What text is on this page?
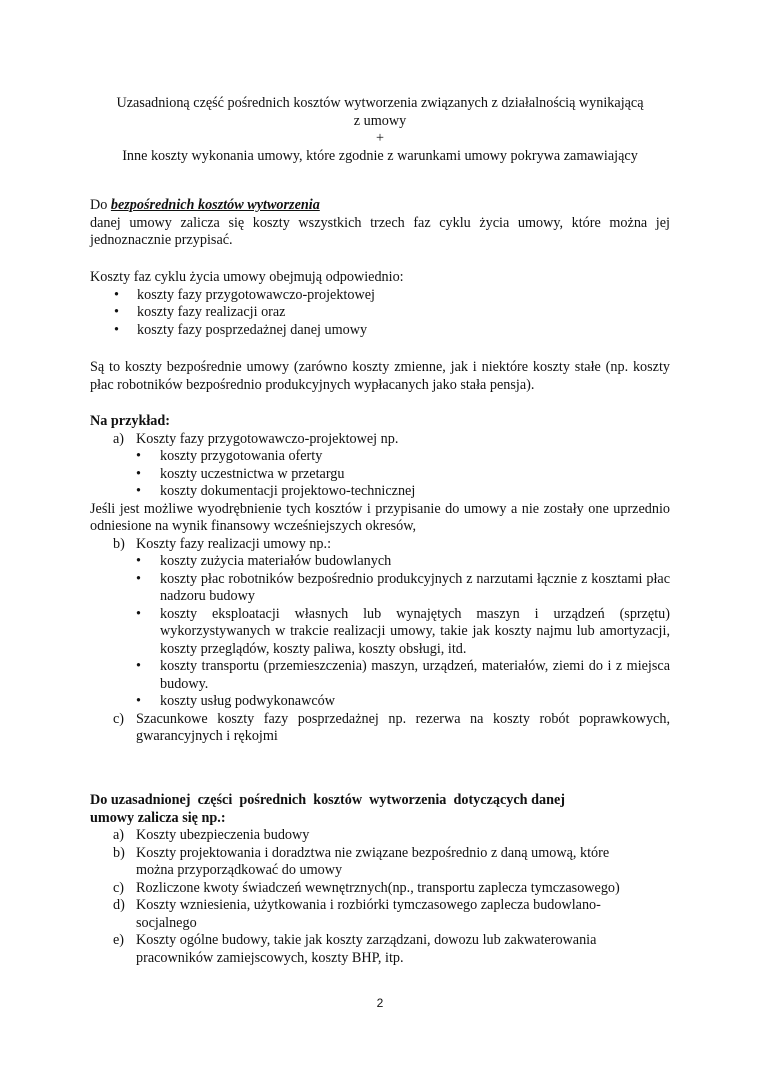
Uzasadnioną część pośrednich kosztów wytworzenia związanych z działalnością wynikającą
z umowy
+
Inne koszty wykonania umowy, które zgodnie z warunkami umowy pokrywa zamawiający
Do bezpośrednich kosztów wytworzenia
danej umowy zalicza się koszty wszystkich trzech faz cyklu życia umowy, które można jej jednoznacznie przypisać.
Koszty faz cyklu życia umowy obejmują odpowiednio:
• koszty fazy przygotowawczo-projektowej
• koszty fazy realizacji oraz
• koszty fazy posprzedażnej danej umowy
Są to koszty bezpośrednie umowy (zarówno koszty zmienne, jak i niektóre koszty stałe (np. koszty płac robotników bezpośrednio produkcyjnych wypłacanych jako stała pensja).
Na przykład:
a) Koszty fazy przygotowawczo-projektowej np.
• koszty przygotowania oferty
• koszty uczestnictwa w przetargu
• koszty dokumentacji projektowo-technicznej
Jeśli jest możliwe wyodrębnienie tych kosztów i przypisanie do umowy a nie zostały one uprzednio odniesione na wynik finansowy wcześniejszych okresów,
b) Koszty fazy realizacji umowy np.:
• koszty zużycia materiałów budowlanych
• koszty płac robotników bezpośrednio produkcyjnych z narzutami łącznie z kosztami płac nadzoru budowy
• koszty eksploatacji własnych lub wynajętych maszyn i urządzeń (sprzętu) wykorzystywanych w trakcie realizacji umowy, takie jak koszty najmu lub amortyzacji, koszty przeglądów, koszty paliwa, koszty obsługi, itd.
• koszty transportu (przemieszczenia) maszyn, urządzeń, materiałów, ziemi do i z miejsca budowy.
• koszty usług podwykonawców
c) Szacunkowe koszty fazy posprzedażnej np. rezerwa na koszty robót poprawkowych, gwarancyjnych i rękojmi
Do uzasadnionej  części  pośrednich  kosztów  wytworzenia  dotyczących danej
umowy zalicza się np.:
a) Koszty ubezpieczenia budowy
b) Koszty projektowania i doradztwa nie związane bezpośrednio z daną umową, które można przyporządkować do umowy
c) Rozliczone kwoty świadczeń wewnętrznych(np., transportu zaplecza tymczasowego)
d) Koszty wzniesienia, użytkowania i rozbiórki tymczasowego zaplecza budowlano-socjalnego
e) Koszty ogólne budowy, takie jak koszty zarządzani, dowozu lub zakwaterowania pracowników zamiejscowych, koszty BHP, itp.
2
